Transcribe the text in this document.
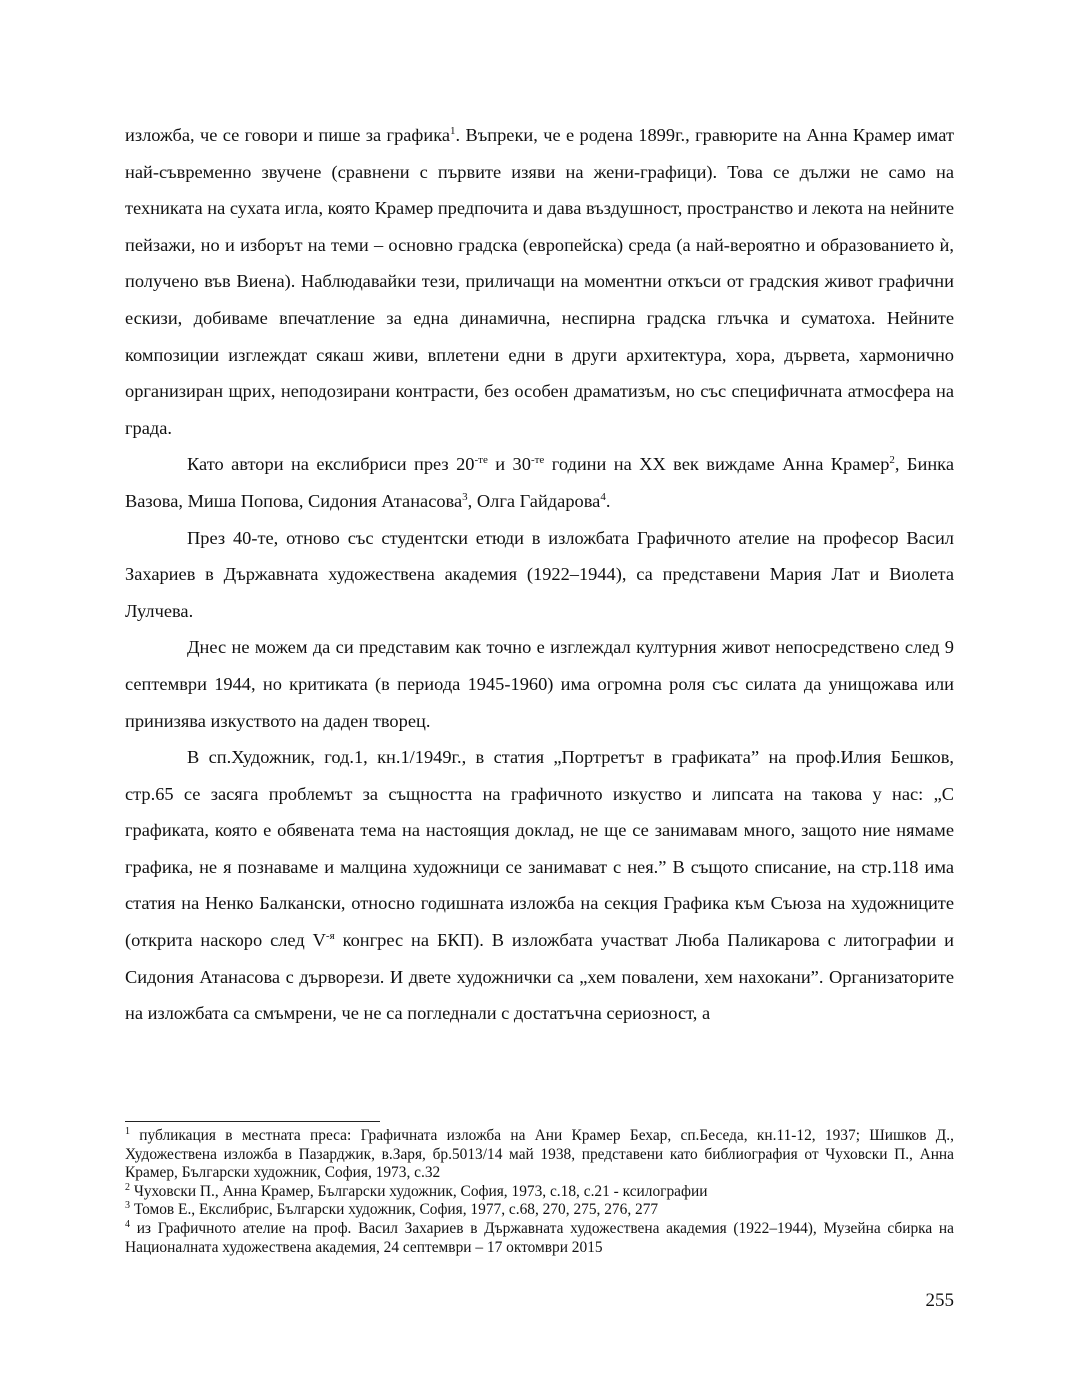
изложба, че се говори и пише за графика$^1$. Въпреки, че е родена 1899г., гравюрите на Анна Крамер имат най-съвременно звучене (сравнени с първите изяви на жени-графици). Това се дължи не само на техниката на сухата игла, която Крамер предпочита и дава въздушност, пространство и лекота на нейните пейзажи, но и изборът на теми – основно градска (европейска) среда (а най-вероятно и образованието ѝ, получено във Виена). Наблюдавайки тези, приличащи на моментни откъси от градския живот графични ескизи, добиваме впечатление за една динамична, неспирна градска глъчка и суматоха. Нейните композиции изглеждат сякаш живи, вплетени едни в други архитектура, хора, дървета, хармонично организиран щрих, неподозирани контрасти, без особен драматизъм, но със специфичната атмосфера на града.

Като автори на екслибриси през $20^{-те}$ и $30^{-те}$ години на ХХ век виждаме Анна Крамер$^2$, Бинка Вазова, Миша Попова, Сидония Атанасова$^3$, Олга Гайдарова$^4$.

През 40-те, отново със студентски етюди в изложбата Графичното ателие на професор Васил Захариев в Държавната художествена академия (1922–1944), са представени Мария Лат и Виолета Лулчева.

Днес не можем да си представим как точно е изглеждал културния живот непосредствено след 9 септември 1944, но критиката (в периода 1945-1960) има огромна роля със силата да унищожава или принизява изкуството на даден творец.

В сп.Художник, год.1, кн.1/1949г., в статия „Портретът в графиката” на проф.Илия Бешков, стр.65 се засяга проблемът за същността на графичното изкуство и липсата на такова у нас: „С графиката, която е обявената тема на настоящия доклад, не ще се занимавам много, защото ние нямаме графика, не я познаваме и малцина художници се занимават с нея.” В същото списание, на стр.118 има статия на Ненко Балкански, относно годишната изложба на секция Графика към Съюза на художниците (открита наскоро след $V^{-я}$ конгрес на БКП). В изложбата участват Люба Паликарова с литографии и Сидония Атанасова с дърворези. И двете художнички са „хем повалени, хем нахокани”. Организаторите на изложбата са смъмрени, че не са погледнали с достатъчна сериозност, а

$^1$ публикация в местната преса: Графичната изложба на Ани Крамер Бехар, сп.Беседа, кн.11-12, 1937; Шишков Д., Художествена изложба в Пазарджик, в.Заря, бр.5013/14 май 1938, представени като библиография от Чуховски П., Анна Крамер, Български художник, София, 1973, с.32

$^2$ Чуховски П., Анна Крамер, Български художник, София, 1973, с.18, с.21 - ксилографии

$^3$ Томов Е., Екслибрис, Български художник, София, 1977, с.68, 270, 275, 276, 277

$^4$ из Графичното ателие на проф. Васил Захариев в Държавната художествена академия (1922–1944), Музейна сбирка на Националната художествена академия, 24 септември – 17 октомври 2015

255
